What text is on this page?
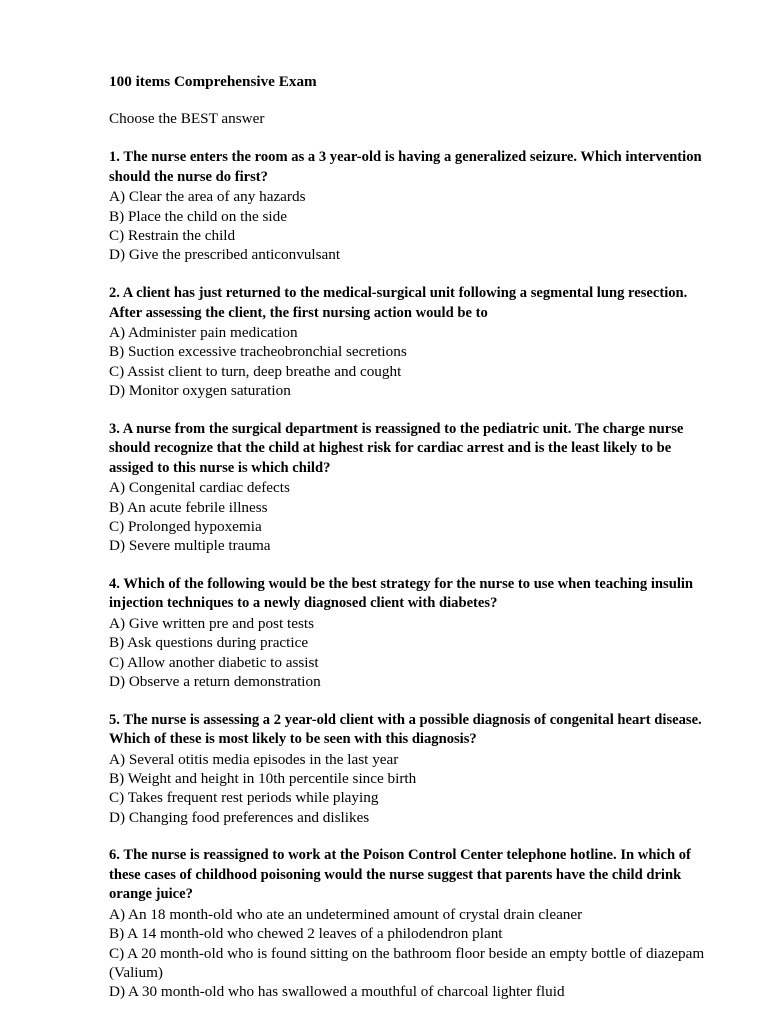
100 items Comprehensive Exam

Choose the BEST answer

1. The nurse enters the room as a 3 year-old is having a generalized seizure. Which intervention should the nurse do first?

A) Clear the area of any hazards
B) Place the child on the side
C) Restrain the child
D) Give the prescribed anticonvulsant

2. A client has just returned to the medical-surgical unit following a segmental lung resection. After assessing the client, the first nursing action would be to

A) Administer pain medication
B) Suction excessive tracheobronchial secretions
C) Assist client to turn, deep breathe and cought
D) Monitor oxygen saturation

3. A nurse from the surgical department is reassigned to the pediatric unit. The charge nurse should recognize that the child at highest risk for cardiac arrest and is the least likely to be assiged to this nurse is which child?

A) Congenital cardiac defects
B) An acute febrile illness
C) Prolonged hypoxemia
D) Severe multiple trauma

4. Which of the following would be the best strategy for the nurse to use when teaching insulin injection techniques to a newly diagnosed client with diabetes?

A) Give written pre and post tests
B) Ask questions during practice
C) Allow another diabetic to assist
D) Observe a return demonstration

5. The nurse is assessing a 2 year-old client with a possible diagnosis of congenital heart disease. Which of these is most likely to be seen with this diagnosis?

A) Several otitis media episodes in the last year
B) Weight and height in 10th percentile since birth
C) Takes frequent rest periods while playing
D) Changing food preferences and dislikes

6. The nurse is reassigned to work at the Poison Control Center telephone hotline. In which of these cases of childhood poisoning would the nurse suggest that parents have the child drink orange juice?

A) An 18 month-old who ate an undetermined amount of crystal drain cleaner
B) A 14 month-old who chewed 2 leaves of a philodendron plant
C) A 20 month-old who is found sitting on the bathroom floor beside an empty bottle of diazepam (Valium)
D) A 30 month-old who has swallowed a mouthful of charcoal lighter fluid
